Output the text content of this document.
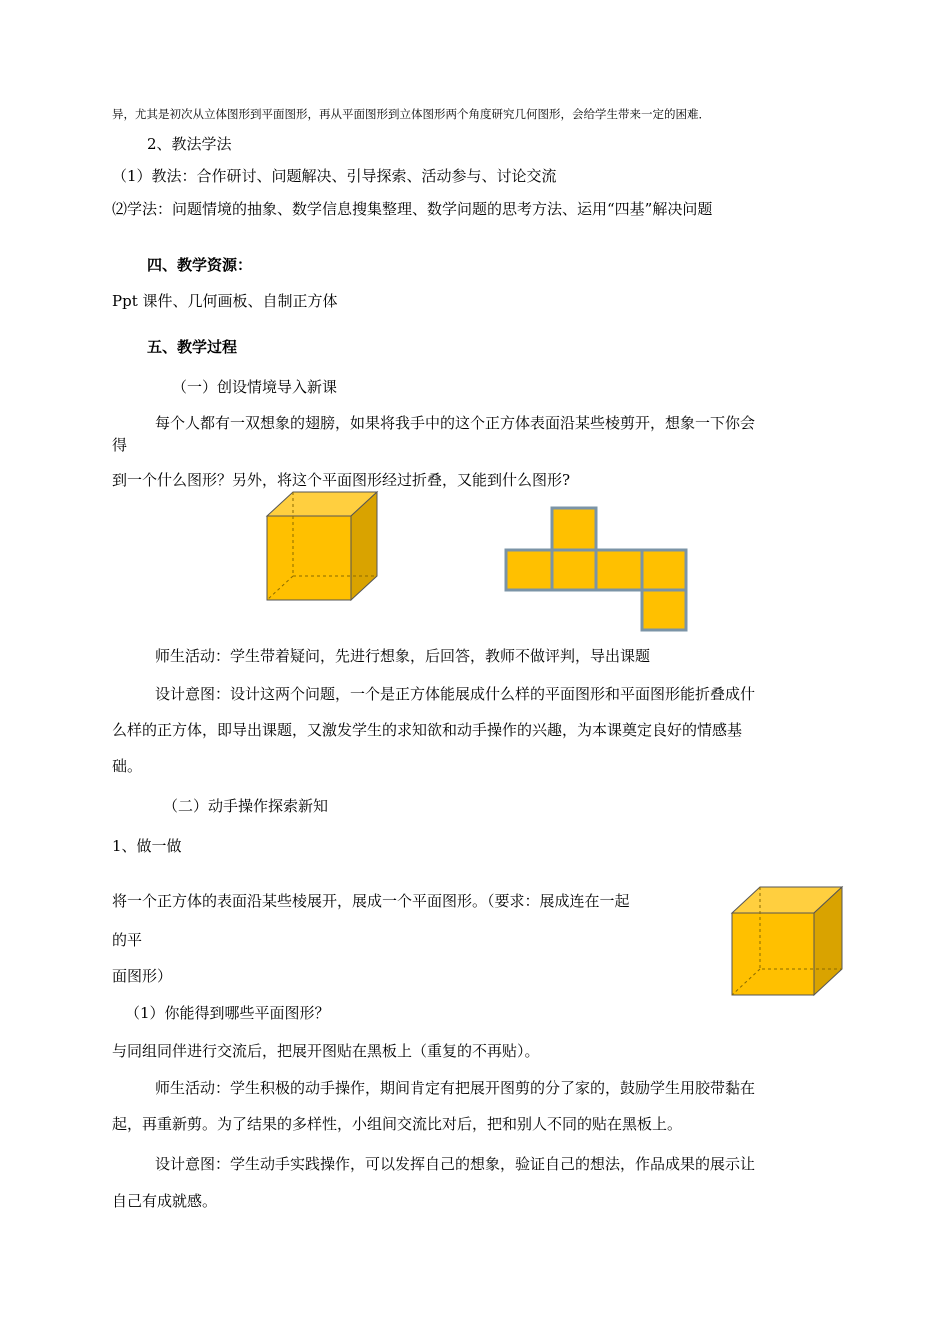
异，尤其是初次从立体图形到平面图形，再从平面图形到立体图形两个角度研究几何图形，会给学生带来一定的困难．
2、教法学法
（1）教法：合作研讨、问题解决、引导探索、活动参与、讨论交流
⑵学法：问题情境的抽象、数学信息搜集整理、数学问题的思考方法、运用“四基”解决问题
四、教学资源：
Ppt 课件、几何画板、自制正方体
五、教学过程
（一）创设情境导入新课
每个人都有一双想象的翅膀，如果将我手中的这个正方体表面沿某些棱剪开，想象一下你会
得
到一个什么图形？另外，将这个平面图形经过折叠，又能到什么图形?
师生活动：学生带着疑问，先进行想象，后回答，教师不做评判，导出课题
设计意图：设计这两个问题，一个是正方体能展成什么样的平面图形和平面图形能折叠成什
么样的正方体，即导出课题，又激发学生的求知欲和动手操作的兴趣，为本课奠定良好的情感基
础。
（二）动手操作探索新知
1、做一做
将一个正方体的表面沿某些棱展开，展成一个平面图形。（要求：展成连在一起
的平
面图形）
（1）你能得到哪些平面图形？
与同组同伴进行交流后，把展开图贴在黑板上（重复的不再贴）。
师生活动：学生积极的动手操作，期间肯定有把展开图剪的分了家的，鼓励学生用胶带黏在
起，再重新剪。为了结果的多样性，小组间交流比对后，把和别人不同的贴在黑板上。
设计意图：学生动手实践操作，可以发挥自己的想象，验证自己的想法，作品成果的展示让
自己有成就感。
